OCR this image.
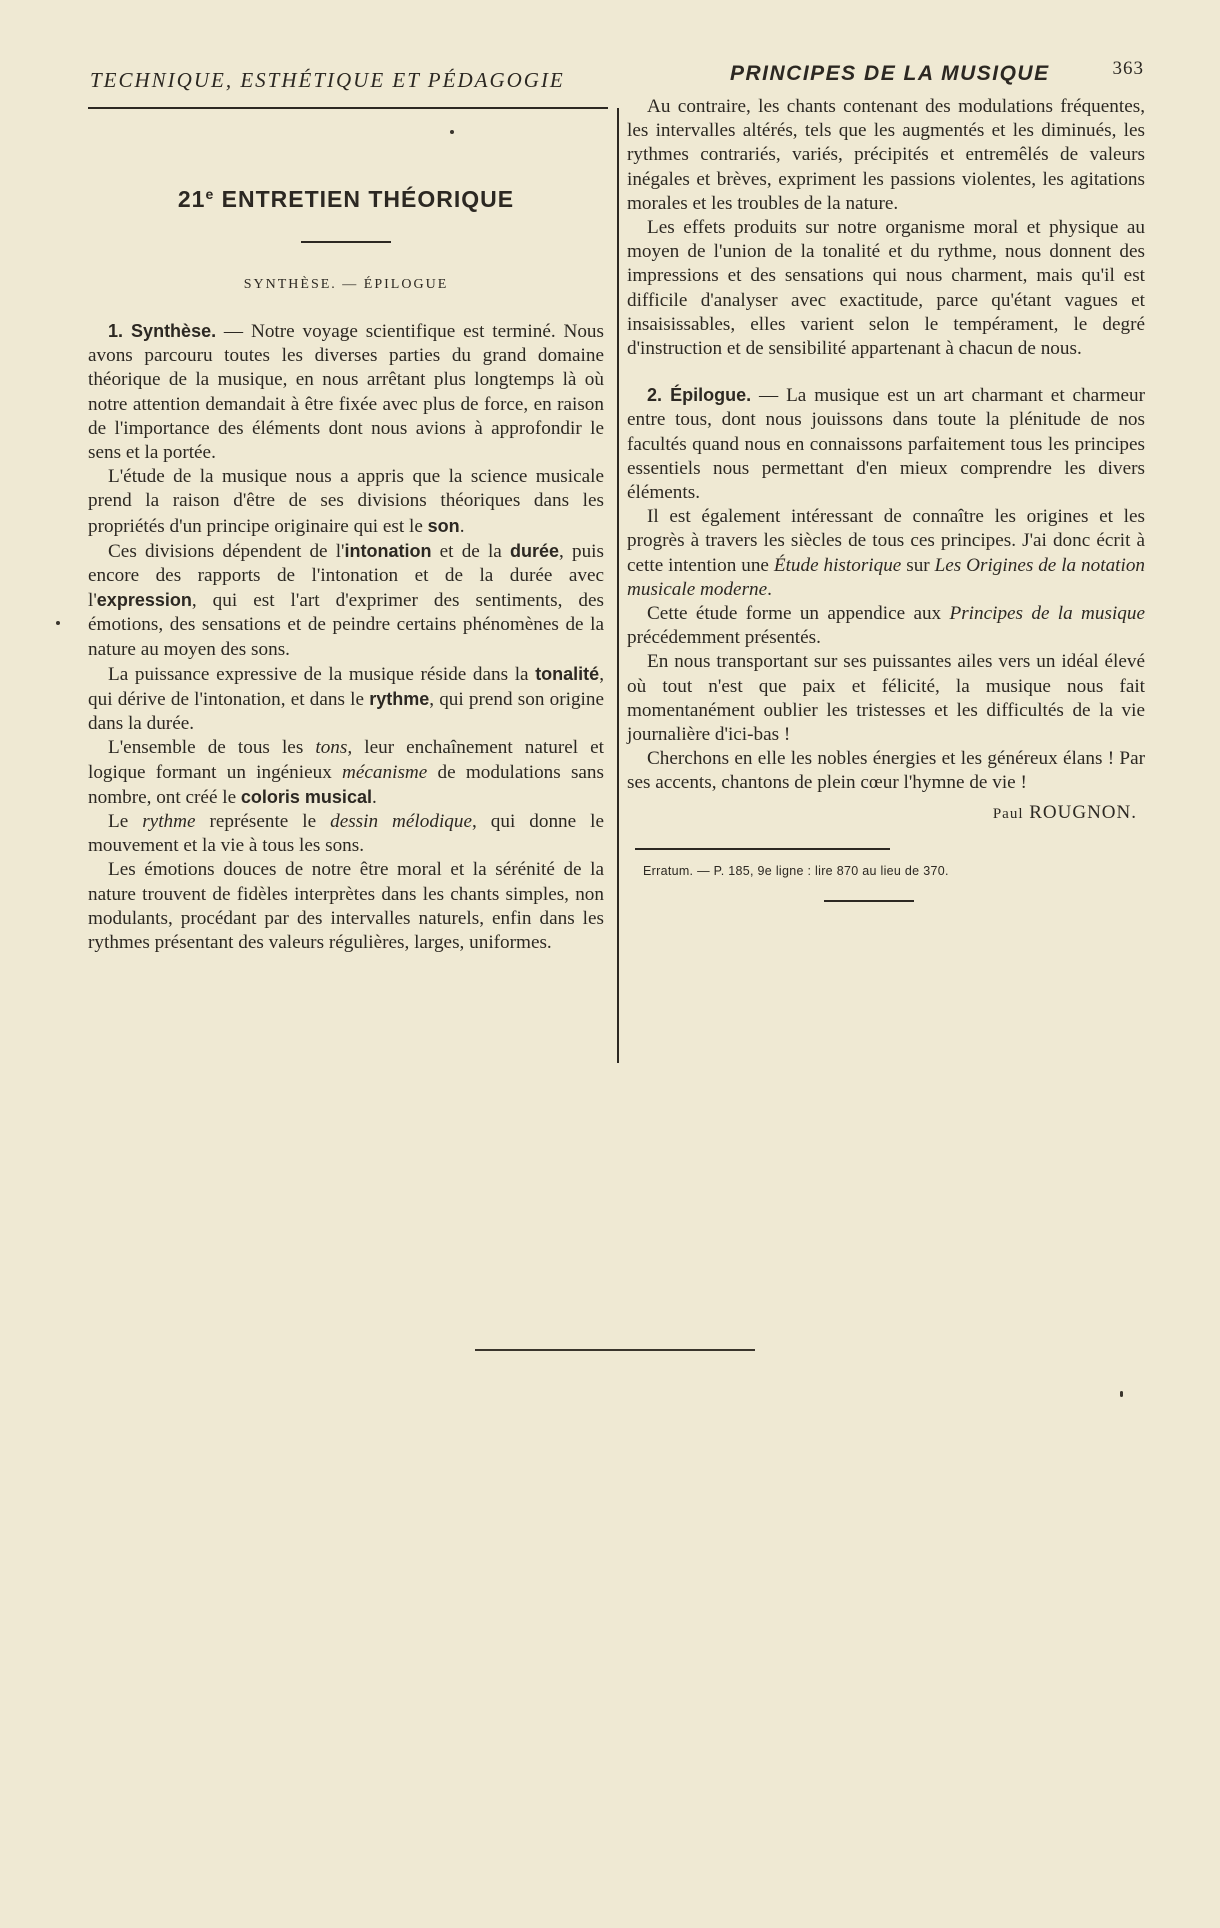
TECHNIQUE, ESTHÉTIQUE ET PÉDAGOGIE	PRINCIPES DE LA MUSIQUE	363
21e ENTRETIEN THÉORIQUE
SYNTHÈSE. — ÉPILOGUE

1. Synthèse. — Notre voyage scientifique est terminé. Nous avons parcouru toutes les diverses parties du grand domaine théorique de la musique, en nous arrêtant plus longtemps là où notre attention demandait à être fixée avec plus de force, en raison de l'importance des éléments dont nous avions à approfondir le sens et la portée.

L'étude de la musique nous a appris que la science musicale prend la raison d'être de ses divisions théoriques dans les propriétés d'un principe originaire qui est le son.

Ces divisions dépendent de l'intonation et de la durée, puis encore des rapports de l'intonation et de la durée avec l'expression, qui est l'art d'exprimer des sentiments, des émotions, des sensations et de peindre certains phénomènes de la nature au moyen des sons.

La puissance expressive de la musique réside dans la tonalité, qui dérive de l'intonation, et dans le rythme, qui prend son origine dans la durée.

L'ensemble de tous les tons, leur enchaînement naturel et logique formant un ingénieux mécanisme de modulations sans nombre, ont créé le coloris musical.

Le rythme représente le dessin mélodique, qui donne le mouvement et la vie à tous les sons.

Les émotions douces de notre être moral et la sérénité de la nature trouvent de fidèles interprètes dans les chants simples, non modulants, procédant par des intervalles naturels, enfin dans les rythmes présentant des valeurs régulières, larges, uniformes.

Au contraire, les chants contenant des modulations fréquentes, les intervalles altérés, tels que les augmentés et les diminués, les rythmes contrariés, variés, précipités et entremêlés de valeurs inégales et brèves, expriment les passions violentes, les agitations morales et les troubles de la nature.

Les effets produits sur notre organisme moral et physique au moyen de l'union de la tonalité et du rythme, nous donnent des impressions et des sensations qui nous charment, mais qu'il est difficile d'analyser avec exactitude, parce qu'étant vagues et insaisissables, elles varient selon le tempérament, le degré d'instruction et de sensibilité appartenant à chacun de nous.

2. Épilogue. — La musique est un art charmant et charmeur entre tous, dont nous jouissons dans toute la plénitude de nos facultés quand nous en connaissons parfaitement tous les principes essentiels nous permettant d'en mieux comprendre les divers éléments.

Il est également intéressant de connaître les origines et les progrès à travers les siècles de tous ces principes. J'ai donc écrit à cette intention une Étude historique sur Les Origines de la notation musicale moderne.

Cette étude forme un appendice aux Principes de la musique précédemment présentés.

En nous transportant sur ses puissantes ailes vers un idéal élevé où tout n'est que paix et félicité, la musique nous fait momentanément oublier les tristesses et les difficultés de la vie journalière d'ici-bas !

Cherchons en elle les nobles énergies et les généreux élans ! Par ses accents, chantons de plein cœur l'hymne de vie !

Paul ROUGNON.
Erratum. — P. 185, 9e ligne : lire 870 au lieu de 370.
